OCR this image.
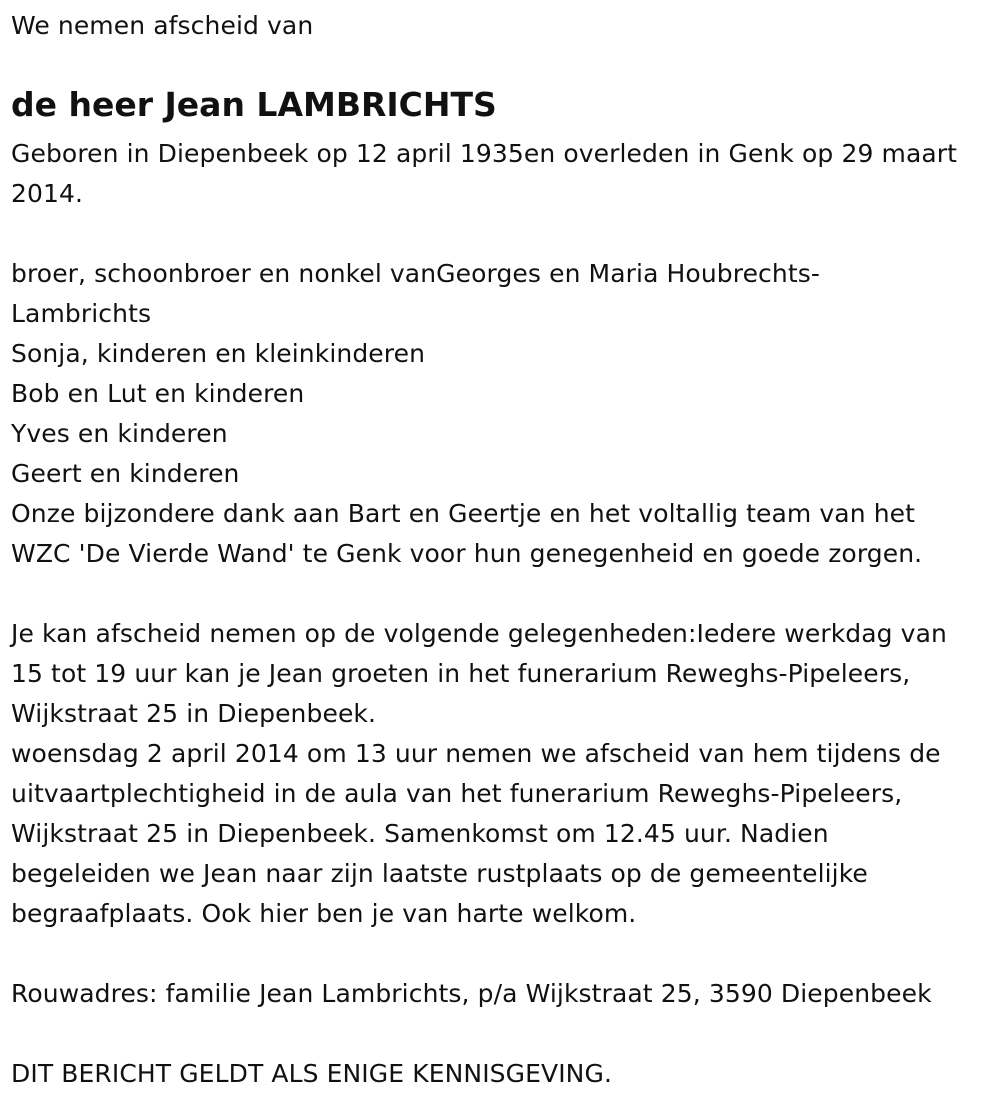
We nemen afscheid van
de heer Jean LAMBRICHTS
Geboren in Diepenbeek op 12 april 1935en overleden in Genk op 29 maart
2014.
broer, schoonbroer en nonkel vanGeorges en Maria Houbrechts-
Lambrichts
Sonja, kinderen en kleinkinderen
Bob en Lut en kinderen
Yves en kinderen
Geert en kinderen
Onze bijzondere dank aan Bart en Geertje en het voltallig team van het
WZC 'De Vierde Wand' te Genk voor hun genegenheid en goede zorgen.
Je kan afscheid nemen op de volgende gelegenheden:Iedere werkdag van
15 tot 19 uur kan je Jean groeten in het funerarium Reweghs-Pipeleers,
Wijkstraat 25 in Diepenbeek.
woensdag 2 april 2014 om 13 uur nemen we afscheid van hem tijdens de
uitvaartplechtigheid in de aula van het funerarium Reweghs-Pipeleers,
Wijkstraat 25 in Diepenbeek. Samenkomst om 12.45 uur. Nadien
begeleiden we Jean naar zijn laatste rustplaats op de gemeentelijke
begraafplaats. Ook hier ben je van harte welkom.
Rouwadres: familie Jean Lambrichts, p/a Wijkstraat 25, 3590 Diepenbeek
DIT BERICHT GELDT ALS ENIGE KENNISGEVING.
